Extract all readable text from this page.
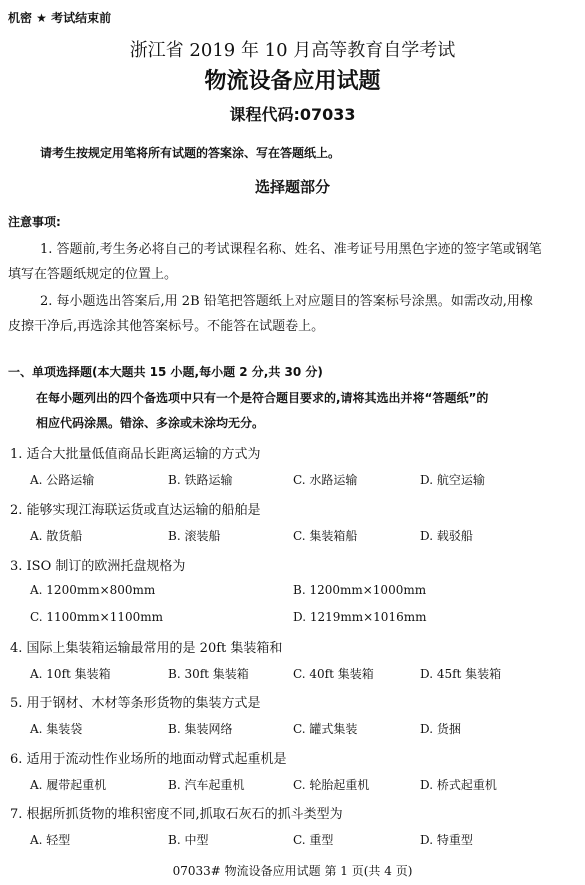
机密 ★ 考试结束前
浙江省 2019 年 10 月高等教育自学考试
物流设备应用试题
课程代码:07033
请考生按规定用笔将所有试题的答案涂、写在答题纸上。
选择题部分
注意事项:
1. 答题前,考生务必将自己的考试课程名称、姓名、准考证号用黑色字迹的签字笔或钢笔
填写在答题纸规定的位置上。
2. 每小题选出答案后,用 2B 铅笔把答题纸上对应题目的答案标号涂黑。如需改动,用橡
皮擦干净后,再选涂其他答案标号。不能答在试题卷上。
一、单项选择题(本大题共 15 小题,每小题 2 分,共 30 分)
在每小题列出的四个备选项中只有一个是符合题目要求的,请将其选出并将“答题纸”的
相应代码涂黑。错涂、多涂或未涂均无分。
1. 适合大批量低值商品长距离运输的方式为
A. 公路运输	B. 铁路运输	C. 水路运输	D. 航空运输
2. 能够实现江海联运货或直达运输的船舶是
A. 散货船	B. 滚装船	C. 集装箱船	D. 载驳船
3. ISO 制订的欧洲托盘规格为
A. 1200mm×800mm	B. 1200mm×1000mm
C. 1100mm×1100mm	D. 1219mm×1016mm
4. 国际上集装箱运输最常用的是 20ft 集装箱和
A. 10ft 集装箱	B. 30ft 集装箱	C. 40ft 集装箱	D. 45ft 集装箱
5. 用于钢材、木材等条形货物的集装方式是
A. 集装袋	B. 集装网络	C. 罐式集装	D. 货捆
6. 适用于流动性作业场所的地面动臂式起重机是
A. 履带起重机	B. 汽车起重机	C. 轮胎起重机	D. 桥式起重机
7. 根据所抓货物的堆积密度不同,抓取石灰石的抓斗类型为
A. 轻型	B. 中型	C. 重型	D. 特重型
07033# 物流设备应用试题 第 1 页(共 4 页)
